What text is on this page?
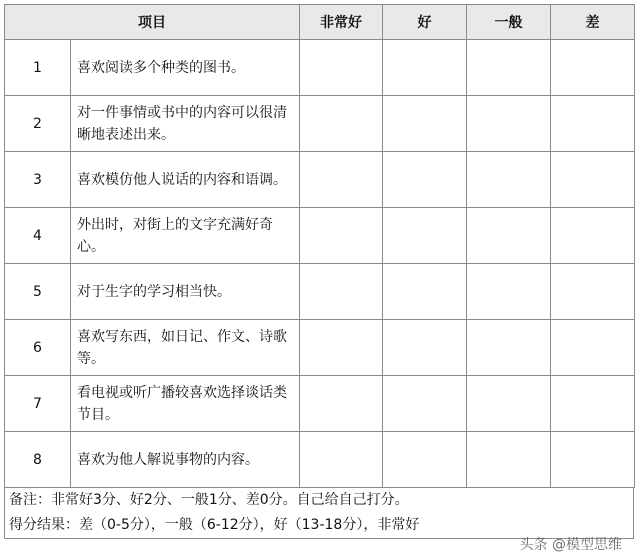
项目		非常好	好	一般	差
1	喜欢阅读多个种类的图书。				
2	对一件事情或书中的内容可以很清晰地表述出来。				
3	喜欢模仿他人说话的内容和语调。				
4	外出时，对街上的文字充满好奇心。				
5	对于生字的学习相当快。				
6	喜欢写东西，如日记、作文、诗歌等。				
7	看电视或听广播较喜欢选择谈话类节目。				
8	喜欢为他人解说事物的内容。				
备注：非常好3分、好2分、一般1分、差0分。自己给自己打分。
得分结果：差（0-5分），一般（6-12分），好（13-18分），非常好
头条 @模型思维
